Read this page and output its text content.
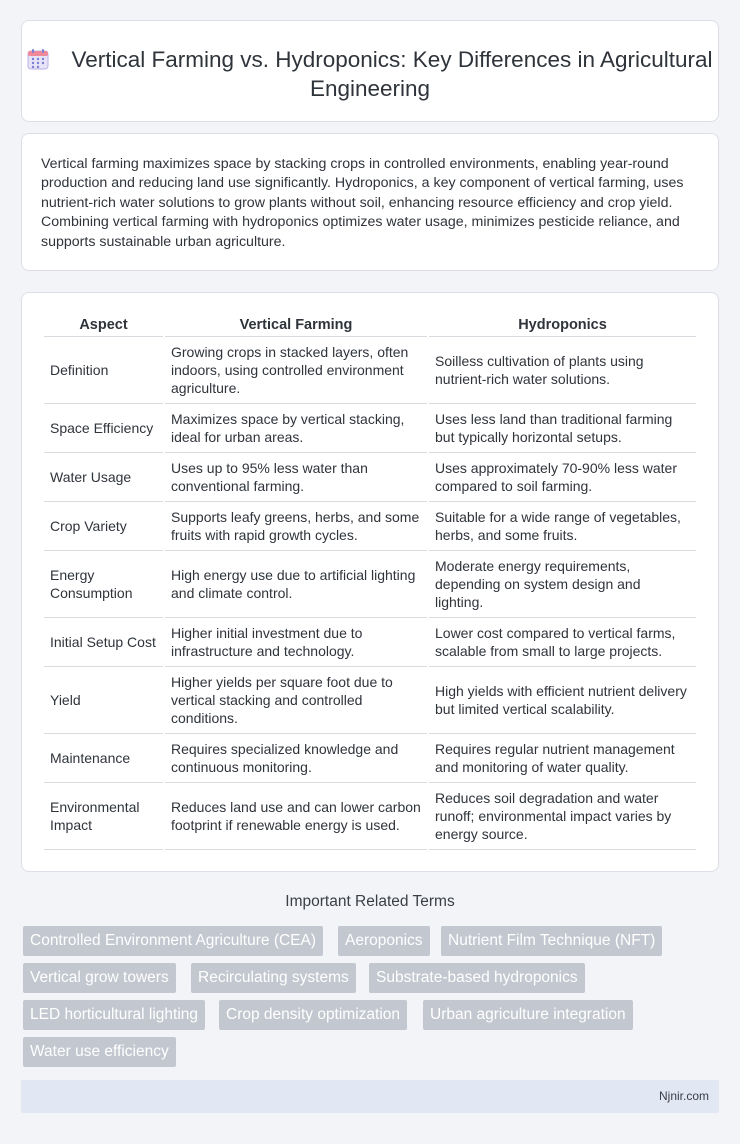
Vertical Farming vs. Hydroponics: Key Differences in Agricultural Engineering

Vertical farming maximizes space by stacking crops in controlled environments, enabling year-round production and reducing land use significantly. Hydroponics, a key component of vertical farming, uses nutrient-rich water solutions to grow plants without soil, enhancing resource efficiency and crop yield. Combining vertical farming with hydroponics optimizes water usage, minimizes pesticide reliance, and supports sustainable urban agriculture.

Aspect	Vertical Farming	Hydroponics
Definition	Growing crops in stacked layers, often indoors, using controlled environment agriculture.	Soilless cultivation of plants using nutrient-rich water solutions.
Space Efficiency	Maximizes space by vertical stacking, ideal for urban areas.	Uses less land than traditional farming but typically horizontal setups.
Water Usage	Uses up to 95% less water than conventional farming.	Uses approximately 70-90% less water compared to soil farming.
Crop Variety	Supports leafy greens, herbs, and some fruits with rapid growth cycles.	Suitable for a wide range of vegetables, herbs, and some fruits.
Energy Consumption	High energy use due to artificial lighting and climate control.	Moderate energy requirements, depending on system design and lighting.
Initial Setup Cost	Higher initial investment due to infrastructure and technology.	Lower cost compared to vertical farms, scalable from small to large projects.
Yield	Higher yields per square foot due to vertical stacking and controlled conditions.	High yields with efficient nutrient delivery but limited vertical scalability.
Maintenance	Requires specialized knowledge and continuous monitoring.	Requires regular nutrient management and monitoring of water quality.
Environmental Impact	Reduces land use and can lower carbon footprint if renewable energy is used.	Reduces soil degradation and water runoff; environmental impact varies by energy source.
Important Related Terms
Controlled Environment Agriculture (CEA)	Aeroponics	Nutrient Film Technique (NFT)
Vertical grow towers	Recirculating systems	Substrate-based hydroponics
LED horticultural lighting	Crop density optimization	Urban agriculture integration
Water use efficiency
Njnir.com
